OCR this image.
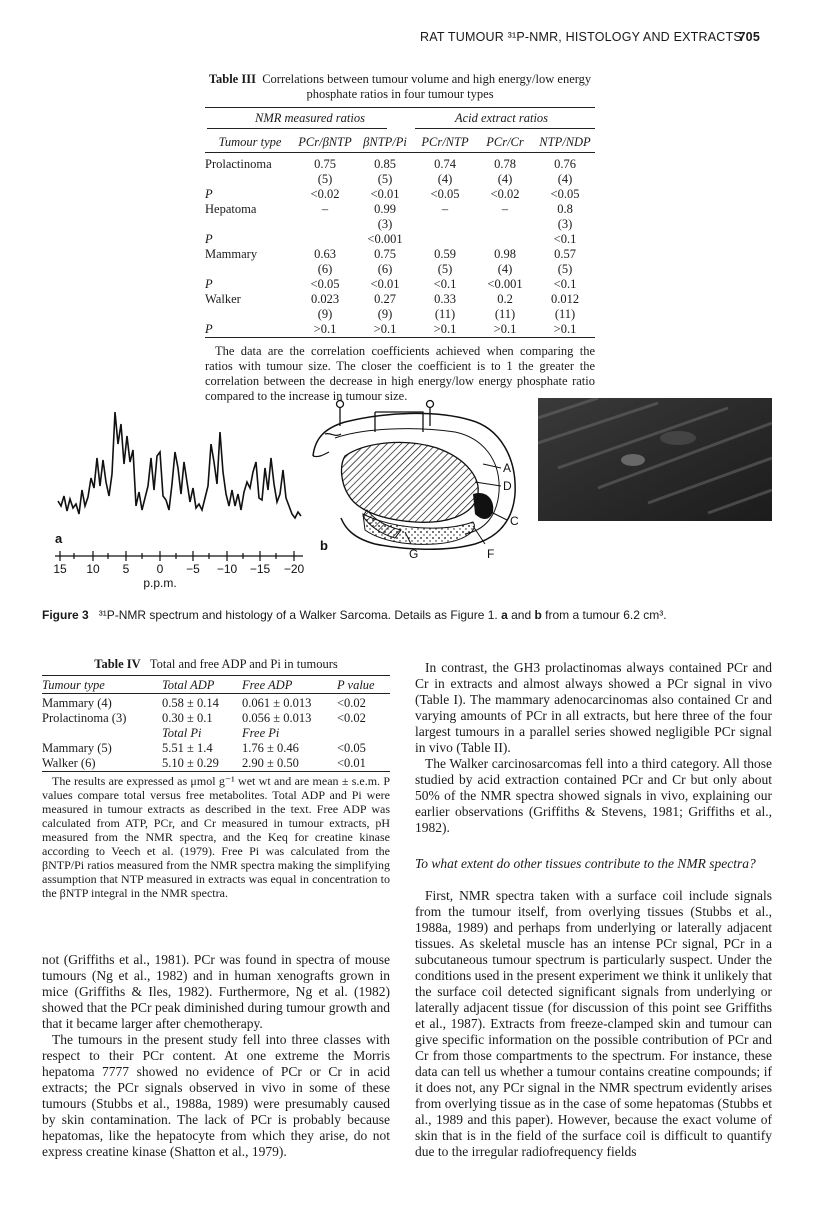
RAT TUMOUR ³¹P-NMR, HISTOLOGY AND EXTRACTS
705
Table III Correlations between tumour volume and high energy/low energy
phosphate ratios in four tumour types
NMR measured ratios	Acid extract ratios
Tumour type	PCr/βNTP	βNTP/Pi	PCr/NTP	PCr/Cr	NTP/NDP

Prolactinoma	0.75	0.85	0.74	0.78	0.76
	(5)	(5)	(4)	(4)	(4)
P	<0.02	<0.01	<0.05	<0.02	<0.05
Hepatoma	–	0.99	–	–	0.8
		(3)			(3)
P		<0.001			<0.1
Mammary	0.63	0.75	0.59	0.98	0.57
	(6)	(6)	(5)	(4)	(5)
P	<0.05	<0.01	<0.1	<0.001	<0.1
Walker	0.023	0.27	0.33	0.2	0.012
	(9)	(9)	(11)	(11)	(11)
P	>0.1	>0.1	>0.1	>0.1	>0.1

The data are the correlation coefficients achieved when comparing the ratios with tumour size. The closer the coefficient is to 1 the greater the correlation between the decrease in high energy/low energy phosphate ratio compared to the increase in tumour size.
a
15 10 5 0 −5 −10 −15 −20
p.p.m.
A
D
C
G	F
b
Figure 3 ³¹P-NMR spectrum and histology of a Walker Sarcoma. Details as Figure 1. a and b from a tumour 6.2 cm³.
Table IV Total and free ADP and Pi in tumours

Tumour type	Total ADP	Free ADP	P value

Mammary (4)	0.58 ± 0.14	0.061 ± 0.013	<0.02
Prolactinoma (3)	0.30 ± 0.1	0.056 ± 0.013	<0.02
	Total Pi	Free Pi	
Mammary (5)	5.51 ± 1.4	1.76 ± 0.46	<0.05
Walker (6)	5.10 ± 0.29	2.90 ± 0.50	<0.01

The results are expressed as μmol g⁻¹ wet wt and are mean ± s.e.m. P values compare total versus free metabolites. Total ADP and Pi were measured in tumour extracts as described in the text. Free ADP was calculated from ATP, PCr, and Cr measured in tumour extracts, pH measured from the NMR spectra, and the Keq for creatine kinase according to Veech et al. (1979). Free Pi was calculated from the βNTP/Pi ratios measured from the NMR spectra making the simplifying assumption that NTP measured in extracts was equal in concentration to the βNTP integral in the NMR spectra.

not (Griffiths et al., 1981). PCr was found in spectra of mouse tumours (Ng et al., 1982) and in human xenografts grown in mice (Griffiths & Iles, 1982). Furthermore, Ng et al. (1982) showed that the PCr peak diminished during tumour growth and that it became larger after chemotherapy.

The tumours in the present study fell into three classes with respect to their PCr content. At one extreme the Morris hepatoma 7777 showed no evidence of PCr or Cr in acid extracts; the PCr signals observed in vivo in some of these tumours (Stubbs et al., 1988a, 1989) were presumably caused by skin contamination. The lack of PCr is probably because hepatomas, like the hepatocyte from which they arise, do not express creatine kinase (Shatton et al., 1979).

In contrast, the GH3 prolactinomas always contained PCr and Cr in extracts and almost always showed a PCr signal in vivo (Table I). The mammary adenocarcinomas also contained Cr and varying amounts of PCr in all extracts, but here three of the four largest tumours in a parallel series showed negligible PCr signal in vivo (Table II).

The Walker carcinosarcomas fell into a third category. All those studied by acid extraction contained PCr and Cr but only about 50% of the NMR spectra showed signals in vivo, explaining our earlier observations (Griffiths & Stevens, 1981; Griffiths et al., 1982).

To what extent do other tissues contribute to the NMR spectra?

First, NMR spectra taken with a surface coil include signals from the tumour itself, from overlying tissues (Stubbs et al., 1988a, 1989) and perhaps from underlying or laterally adjacent tissues. As skeletal muscle has an intense PCr signal, PCr in a subcutaneous tumour spectrum is particularly suspect. Under the conditions used in the present experiment we think it unlikely that the surface coil detected significant signals from underlying or laterally adjacent tissue (for discussion of this point see Griffiths et al., 1987). Extracts from freeze-clamped skin and tumour can give specific information on the possible contribution of PCr and Cr from those compartments to the spectrum. For instance, these data can tell us whether a tumour contains creatine compounds; if it does not, any PCr signal in the NMR spectrum evidently arises from overlying tissue as in the case of some hepatomas (Stubbs et al., 1989 and this paper). However, because the exact volume of skin that is in the field of the surface coil is difficult to quantify due to the irregular radiofrequency fields
